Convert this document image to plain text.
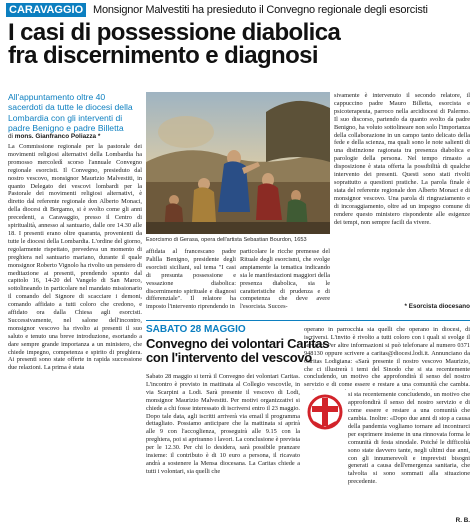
CARAVAGGIO Monsignor Malvestiti ha presieduto il Convegno regionale degli esorcisti
I casi di possessione diabolica
fra discernimento e diagnosi
All'appuntamento oltre 40 sacerdoti da tutte le diocesi della Lombardia con gli interventi di padre Benigno e padre Billetta
di mons. Gianfranco Poliazza *
La Commissione regionale per la pastorale dei movimenti religiosi alternativi della Lombardia ha promosso mercoledì scorso l'annuale Convegno regionale esorcisti. Il Convegno, presieduto dal nostro vescovo, monsignor Maurizio Malvestiti, in quanto Delegato dei vescovi lombardi per la Pastorale dei movimenti religiosi alternativi, è diretto dal referente regionale don Alberto Monaci, della diocesi di Bergamo, si è svolto come gli anni precedenti, a Caravaggio, presso il Centro di spiritualità, annesso al santuario, dalle ore 14.30 alle 18. I presenti erano oltre quaranta, provenienti da tutte le diocesi della Lombardia. L'ordine del giorno, regolarmente rispettato, prevedeva un momento di preghiera nel santuario mariano, durante il quale monsignor Roberto Vignolo ha rivolto un pensiero di meditazione ai presenti, prendendo spunto dal capitolo 16, 14-20 del Vangelo di San Marco, sottolineando in particolare nel mandato missionario il comando del Signore di scacciare i demoni, comando affidato a tutti coloro che credono, e affidato ora dalla Chiesa agli esorcisti. Successivamente, nel salone dell'incontro, monsignor vescovo ha rivolto ai presenti il suo saluto e tenuto una breve introduzione, esortando a dare sempre grande importanza a un ministero, che chiede impegno, competenza e spirito di preghiera. Ai presenti sono state offerte in rapida successione due relazioni. La prima è stata
Esorcismo di Gerasa, opera dell'artista Sebastian Bourdon, 1653
affidata al francescano padre Palilla Benigno, presidente degli esorcisti siciliani, sul tema "I casi di presunta possessione e vessazione diabolica: discernimento spirituale e diagnosi differenziale". Il relatore ha imposto l'intervento riprendendo in
particolare le ricche premesse del Rituale degli esorcismi, che svolge ampiamente la tematica indicando sia le manifestazioni maggiori della presenza diabolica, sia le caratteristiche di prudenza e di competenza che deve avere l'esorcista. Succes-
sivamente è intervenuto il secondo relatore, il cappuccino padre Mauro Billetta, esorcista e psicoterapeuta, parroco nella arcidiocesi di Palermo. Il suo discorso, partendo da quanto svolto da padre Benigno, ha voluto sottolineare non solo l'importanza della collaborazione in un campo tanto delicato della fede e della scienza, ma quali sono le note salienti di una distinzione ragionata tra presenza diabolica e parologie della persona. Nel tempo rimasto a disposizione è stata offerta la possibilità di qualche intervento dei presenti. Questi sono stati rivolti soprattutto a questioni pratiche. La parola finale è stata del referente regionale don Alberto Monaci e di monsignor vescovo. Una parola di ringraziamento e di incoraggiamento, oltre ad un impegno comune di rendere questo ministero rispondente alle esigenze dei tempi, non sempre facili da vivere.
* Esorcista diocesano
SABATO 28 MAGGIO
Convegno dei volontari Caritas
con l'intervento del vescovo
Sabato 28 maggio si terrà il Convegno dei volontari Caritas. L'incontro è previsto in mattinata al Collegio vescovile, in via Scarpini a Lodi. Sarà presente il vescovo di Lodi, monsignor Maurizio Malvestiti. Per motivi organizzativi si chiede a chi fosse interessato di iscriversi entro il 23 maggio. Dopo tale data, agli iscritti arriverà via email il programma dettagliato. Possiamo anticipare che la mattinata si aprirà alle 9 con l'accoglienza, proseguirà alle 9.15 con la preghiera, poi si apriranno i lavori. La conclusione è prevista per le 12.30. Per chi lo desidera, sarà possibile pranzare insieme: il contributo è di 10 euro a persona, il ricavato andrà a sostenere la Mensa diocesana. La Caritas chiede a tutti i volontari, sia quelli che
operano in parrocchia sia quelli che operano in diocesi, di iscriversi. L'invito è rivolto a tutti coloro con i quali si svolge il servizio. Per altre informazioni si può telefonare al numero 0371 948130 oppure scrivere a caritas@diocesi.lodi.it. Annunciano da Caritas Lodigiana: «Sarà presente il nostro vescovo Maurizio, che ci illustrerà i temi del Sinodo che si sta recentemente concludendo, un motivo che approfondirà il senso del nostro servizio e di come essere e restare a una comunità che cambia.
si sta recentemente concludendo, un motivo che approfondirà il senso del nostro servizio e di come essere e restare a una comunità che cambia. Inoltre: «Dopo due anni di stop a causa della pandemia vogliamo tornare ad incontrarci per esprimere insieme in una rinnovata forma le comunità di festa sinodale. Poiché le difficoltà sono state davvero tante, negli ultimi due anni, con gli innumerevoli e imprevisti bisogni generati a causa dell'emergenza sanitaria, che talvolta si sono sommati alla situazione precedente.
R. B.
